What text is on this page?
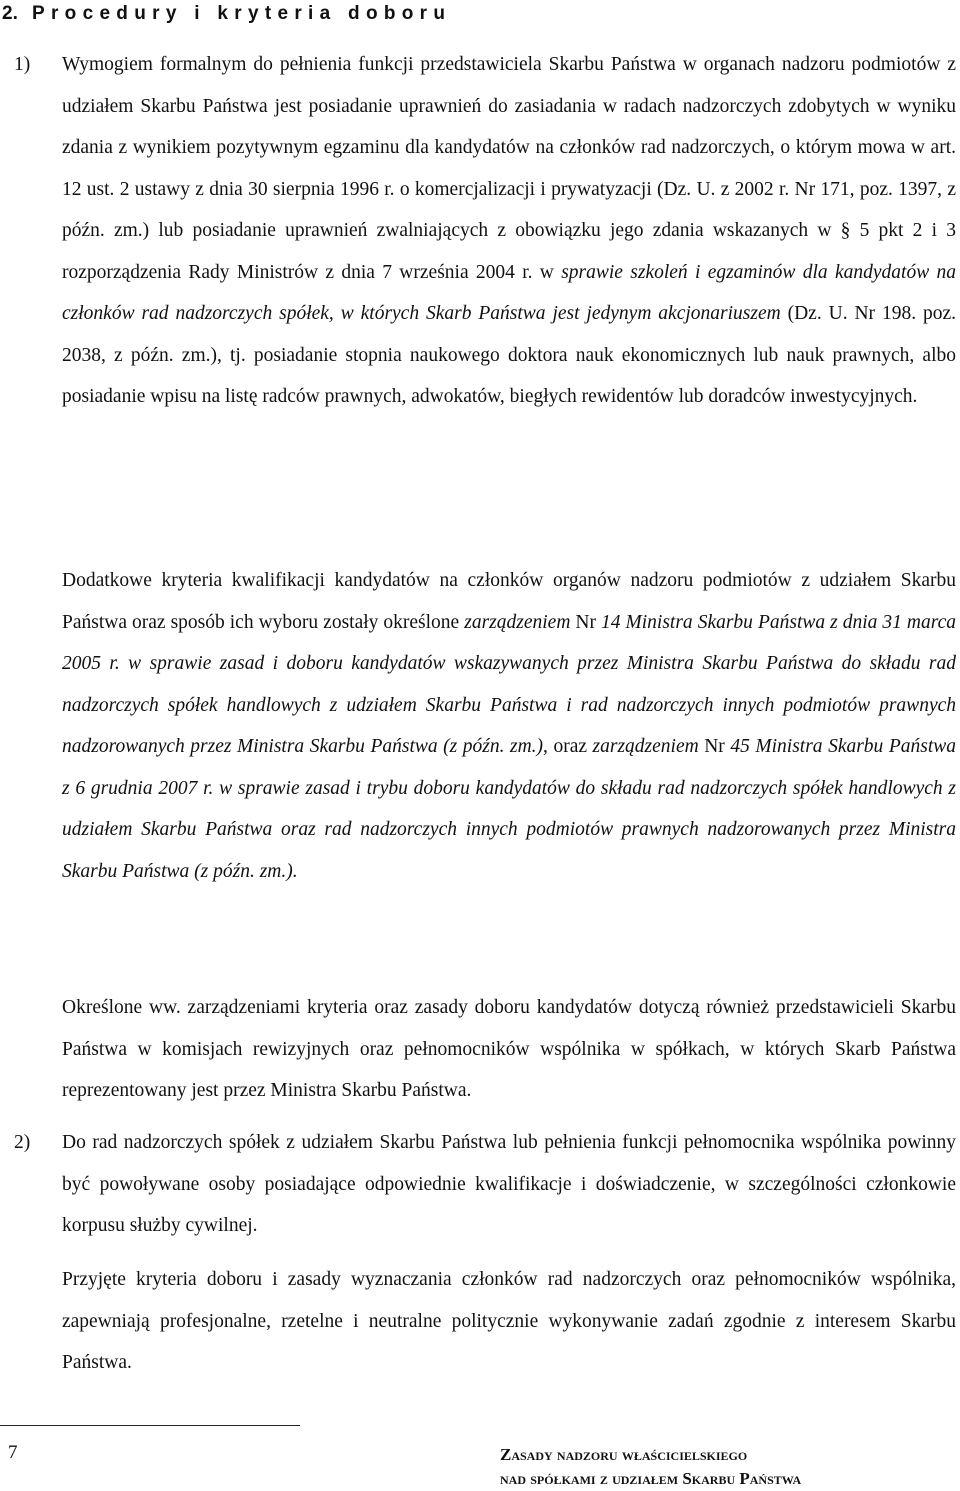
2. Procedury i kryteria doboru
1) Wymogiem formalnym do pełnienia funkcji przedstawiciela Skarbu Państwa w organach nadzoru podmiotów z udziałem Skarbu Państwa jest posiadanie uprawnień do zasiadania w radach nadzorczych zdobytych w wyniku zdania z wynikiem pozytywnym egzaminu dla kandydatów na członków rad nadzorczych, o którym mowa w art. 12 ust. 2 ustawy z dnia 30 sierpnia 1996 r. o komercjalizacji i prywatyzacji (Dz. U. z 2002 r. Nr 171, poz. 1397, z późn. zm.) lub posiadanie uprawnień zwalniających z obowiązku jego zdania wskazanych w § 5 pkt 2 i 3 rozporządzenia Rady Ministrów z dnia 7 września 2004 r. w sprawie szkoleń i egzaminów dla kandydatów na członków rad nadzorczych spółek, w których Skarb Państwa jest jedynym akcjonariuszem (Dz. U. Nr 198. poz. 2038, z późn. zm.), tj. posiadanie stopnia naukowego doktora nauk ekonomicznych lub nauk prawnych, albo posiadanie wpisu na listę radców prawnych, adwokatów, biegłych rewidentów lub doradców inwestycyjnych.

Dodatkowe kryteria kwalifikacji kandydatów na członków organów nadzoru podmiotów z udziałem Skarbu Państwa oraz sposób ich wyboru zostały określone zarządzeniem Nr 14 Ministra Skarbu Państwa z dnia 31 marca 2005 r. w sprawie zasad i doboru kandydatów wskazywanych przez Ministra Skarbu Państwa do składu rad nadzorczych spółek handlowych z udziałem Skarbu Państwa i rad nadzorczych innych podmiotów prawnych nadzorowanych przez Ministra Skarbu Państwa (z późn. zm.), oraz zarządzeniem Nr 45 Ministra Skarbu Państwa z 6 grudnia 2007 r. w sprawie zasad i trybu doboru kandydatów do składu rad nadzorczych spółek handlowych z udziałem Skarbu Państwa oraz rad nadzorczych innych podmiotów prawnych nadzorowanych przez Ministra Skarbu Państwa (z późn. zm.).

Określone ww. zarządzeniami kryteria oraz zasady doboru kandydatów dotyczą również przedstawicieli Skarbu Państwa w komisjach rewizyjnych oraz pełnomocników wspólnika w spółkach, w których Skarb Państwa reprezentowany jest przez Ministra Skarbu Państwa.

2) Do rad nadzorczych spółek z udziałem Skarbu Państwa lub pełnienia funkcji pełnomocnika wspólnika powinny być powoływane osoby posiadające odpowiednie kwalifikacje i doświadczenie, w szczególności członkowie korpusu służby cywilnej.

Przyjęte kryteria doboru i zasady wyznaczania członków rad nadzorczych oraz pełnomocników wspólnika, zapewniają profesjonalne, rzetelne i neutralne politycznie wykonywanie zadań zgodnie z interesem Skarbu Państwa.

7	Zasady nadzoru właścicielskiego
nad spółkami z udziałem Skarbu Państwa
